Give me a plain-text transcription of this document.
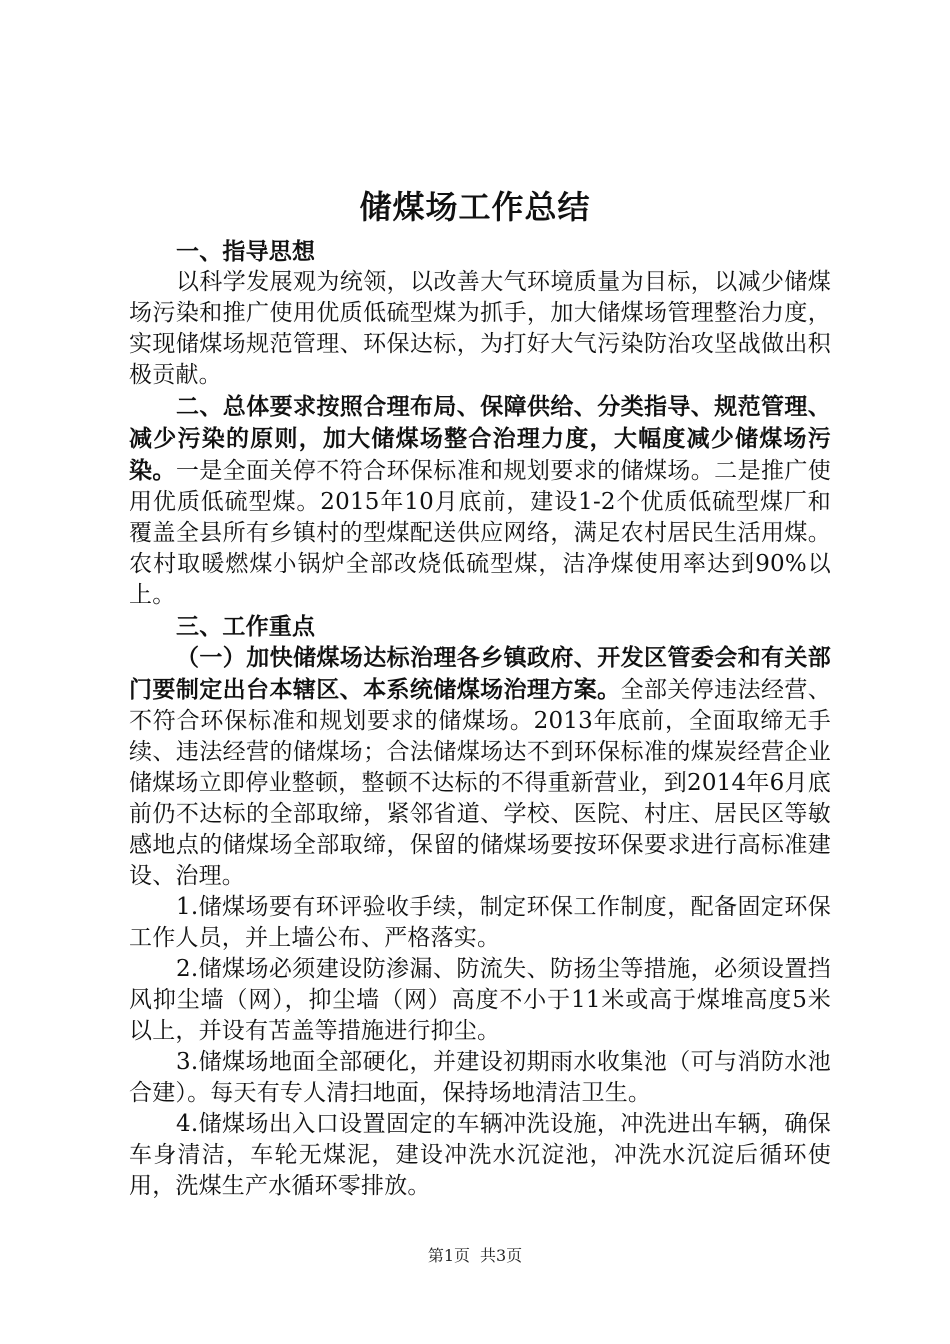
储煤场工作总结

一、指导思想

以科学发展观为统领，以改善大气环境质量为目标，以减少储煤场污染和推广使用优质低硫型煤为抓手，加大储煤场管理整治力度，实现储煤场规范管理、环保达标，为打好大气污染防治攻坚战做出积极贡献。

二、总体要求按照合理布局、保障供给、分类指导、规范管理、减少污染的原则，加大储煤场整合治理力度，大幅度减少储煤场污染。一是全面关停不符合环保标准和规划要求的储煤场。二是推广使用优质低硫型煤。2015年10月底前，建设1-2个优质低硫型煤厂和覆盖全县所有乡镇村的型煤配送供应网络，满足农村居民生活用煤。农村取暖燃煤小锅炉全部改烧低硫型煤，洁净煤使用率达到90%以上。

三、工作重点

（一）加快储煤场达标治理各乡镇政府、开发区管委会和有关部门要制定出台本辖区、本系统储煤场治理方案。全部关停违法经营、不符合环保标准和规划要求的储煤场。2013年底前，全面取缔无手续、违法经营的储煤场；合法储煤场达不到环保标准的煤炭经营企业储煤场立即停业整顿，整顿不达标的不得重新营业，到2014年6月底前仍不达标的全部取缔，紧邻省道、学校、医院、村庄、居民区等敏感地点的储煤场全部取缔，保留的储煤场要按环保要求进行高标准建设、治理。

1.储煤场要有环评验收手续，制定环保工作制度，配备固定环保工作人员，并上墙公布、严格落实。

2.储煤场必须建设防渗漏、防流失、防扬尘等措施，必须设置挡风抑尘墙（网），抑尘墙（网）高度不小于11米或高于煤堆高度5米以上，并设有苫盖等措施进行抑尘。

3.储煤场地面全部硬化，并建设初期雨水收集池（可与消防水池合建）。每天有专人清扫地面，保持场地清洁卫生。

4.储煤场出入口设置固定的车辆冲洗设施，冲洗进出车辆，确保车身清洁，车轮无煤泥，建设冲洗水沉淀池，冲洗水沉淀后循环使用，洗煤生产水循环零排放。

第1页 共3页
